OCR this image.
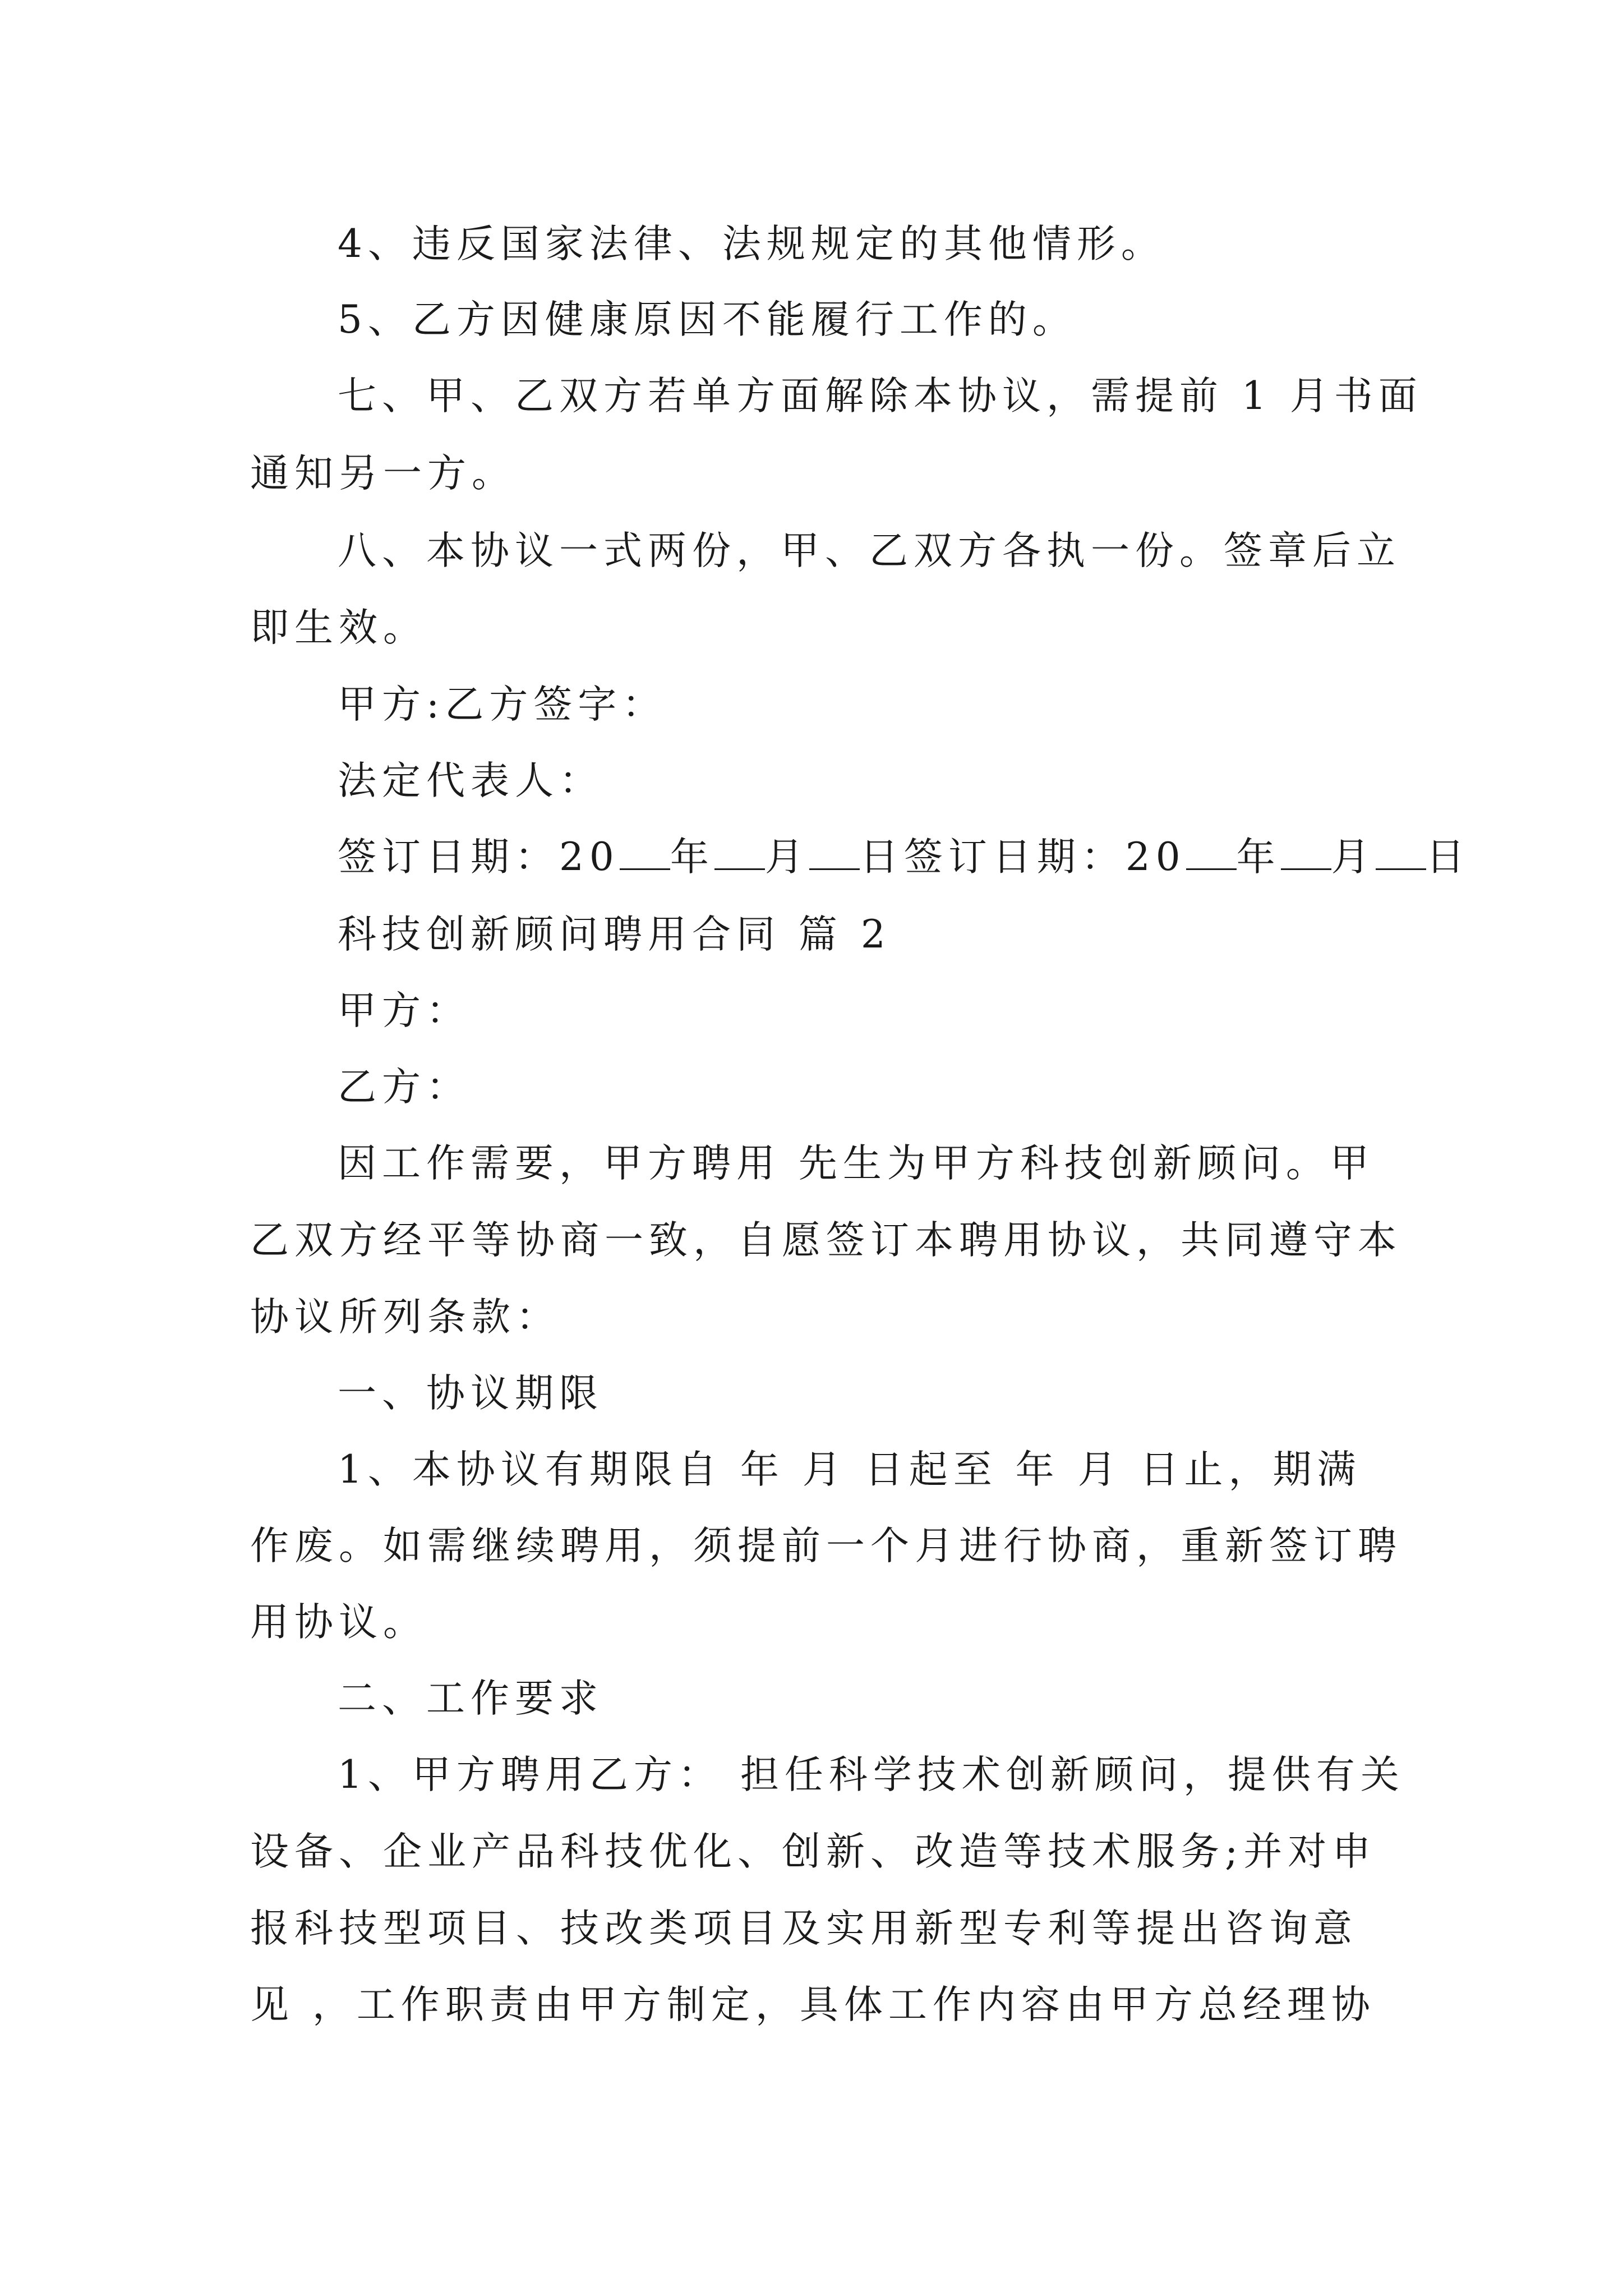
4、违反国家法律、法规规定的其他情形。
5、乙方因健康原因不能履行工作的。
七、甲、乙双方若单方面解除本协议，需提前 1 月书面
通知另一方。
八、本协议一式两份，甲、乙双方各执一份。签章后立
即生效。
甲方:乙方签字：
法定代表人：
签订日期：20 年 月 日签订日期：20 年 月 日
科技创新顾问聘用合同 篇 2
甲方：
乙方：
因工作需要，甲方聘用 先生为甲方科技创新顾问。甲
乙双方经平等协商一致，自愿签订本聘用协议，共同遵守本
协议所列条款：
一、协议期限
1、本协议有期限自 年 月 日起至 年 月 日止，期满
作废。如需继续聘用，须提前一个月进行协商，重新签订聘
用协议。
二、工作要求
1、甲方聘用乙方： 担任科学技术创新顾问，提供有关
设备、企业产品科技优化、创新、改造等技术服务;并对申
报科技型项目、技改类项目及实用新型专利等提出咨询意
见 ，工作职责由甲方制定，具体工作内容由甲方总经理协
